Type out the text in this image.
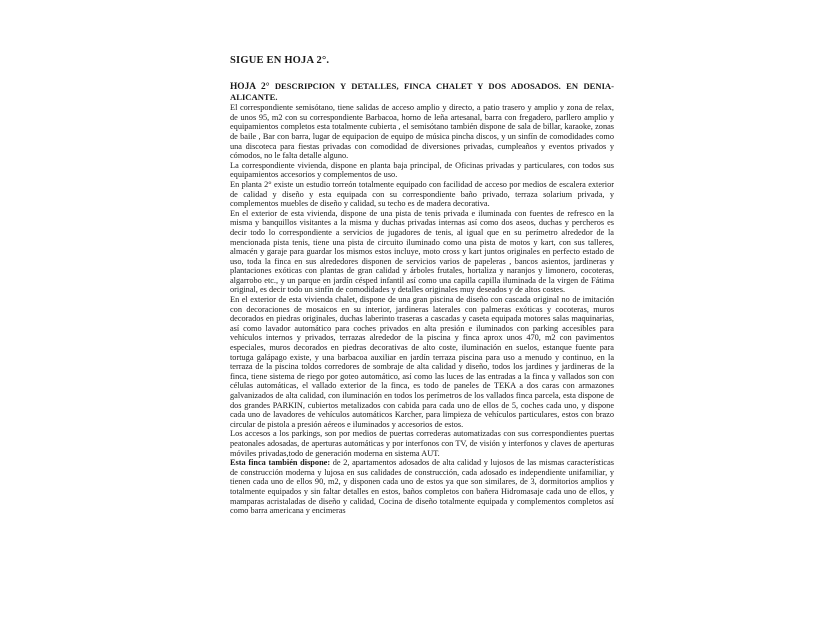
SIGUE EN HOJA 2°.
HOJA 2° DESCRIPCION Y DETALLES, FINCA CHALET Y DOS ADOSADOS. EN DENIA-ALICANTE.

El correspondiente semisótano, tiene salidas de acceso amplio y directo, a patio trasero y amplio y zona de relax, de unos 95, m2 con su correspondiente Barbacoa, horno de leña artesanal, barra con fregadero, parllero amplio y equipamientos completos esta totalmente cubierta , el semisótano también dispone de sala de billar, karaoke, zonas de baile , Bar con barra, lugar de equipacion de equipo de música pincha discos, y un sinfín de comodidades como una discoteca para fiestas privadas con comodidad de diversiones privadas, cumpleaños y eventos privados y cómodos, no le falta detalle alguno.

La correspondiente vivienda, dispone en planta baja principal, de Oficinas privadas y particulares, con todos sus equipamientos accesorios y complementos de uso.

En planta 2° existe un estudio torreón totalmente equipado con facilidad de acceso por medios de escalera exterior de calidad y diseño y esta equipada con su correspondiente baño privado, terraza solarium privada, y complementos muebles de diseño y calidad, su techo es de madera decorativa.

En el exterior de esta vivienda, dispone de una pista de tenis privada e iluminada con fuentes de refresco en la misma y banquillos visitantes a la misma y duchas privadas internas así como dos aseos, duchas y percheros es decir todo lo correspondiente a servicios de jugadores de tenis, al igual que en su perímetro alrededor de la mencionada pista tenis, tiene una pista de circuito iluminado como una pista de motos y kart, con sus talleres, almacén y garaje para guardar los mismos estos incluye, moto cross y kart juntos originales en perfecto estado de uso, toda la finca en sus alrededores disponen de servicios varios de papeleras , bancos asientos, jardineras y plantaciones exóticas con plantas de gran calidad y árboles frutales, hortaliza y naranjos y limonero, cocoteras, algarrobo etc., y un parque en jardín césped infantil así como una capilla capilla iluminada de la virgen de Fátima original, es decir todo un sinfín de comodidades y detalles originales muy deseados y de altos costes.

En el exterior de esta vivienda chalet, dispone de una gran piscina de diseño con cascada original no de imitación con decoraciones de mosaicos en su interior, jardineras laterales con palmeras exóticas y cocoteras, muros decorados en piedras originales, duchas laberinto traseras a cascadas y caseta equipada motores salas maquinarias, así como lavador automático para coches privados en alta presión e iluminados con parking accesibles para vehículos internos y privados, terrazas alrededor de la piscina y finca aprox unos 470, m2 con pavimentos especiales, muros decorados en piedras decorativas de alto coste, iluminación en suelos, estanque fuente para tortuga galápago existe, y una barbacoa auxiliar en jardín terraza piscina para uso a menudo y continuo, en la terraza de la piscina toldos corredores de sombraje de alta calidad y diseño, todos los jardines y jardineras de la finca, tiene sistema de riego por goteo automático, así como las luces de las entradas a la finca y vallados son con células automáticas, el vallado exterior de la finca, es todo de paneles de TEKA a dos caras con armazones galvanizados de alta calidad, con iluminación en todos los perímetros de los vallados finca parcela, esta dispone de dos grandes PARKIN, cubiertos metalizados con cabida para cada uno de ellos de 5, coches cada uno, y dispone cada uno de lavadores de vehículos automáticos Karcher, para limpieza de vehículos particulares, estos con brazo circular de pistola a presión aéreos e iluminados y accesorios de estos.

Los accesos a los parkings, son por medios de puertas correderas automatizadas con sus correspondientes puertas peatonales adosadas, de aperturas automáticas y por interfonos con TV, de visión y interfonos y claves de aperturas móviles privadas,todo de generación moderna en sistema AUT.

Esta finca también dispone: de 2, apartamentos adosados de alta calidad y lujosos de las mismas características de construcción moderna y lujosa en sus calidades de construcción, cada adosado es independiente unifamiliar, y tienen cada uno de ellos 90, m2, y disponen cada uno de estos ya que son similares, de 3, dormitorios amplios y totalmente equipados y sin faltar detalles en estos, baños completos con bañera Hidromasaje cada uno de ellos, y mamparas acristaladas de diseño y calidad, Cocina de diseño totalmente equipada y complementos completos así como barra americana y encimeras
